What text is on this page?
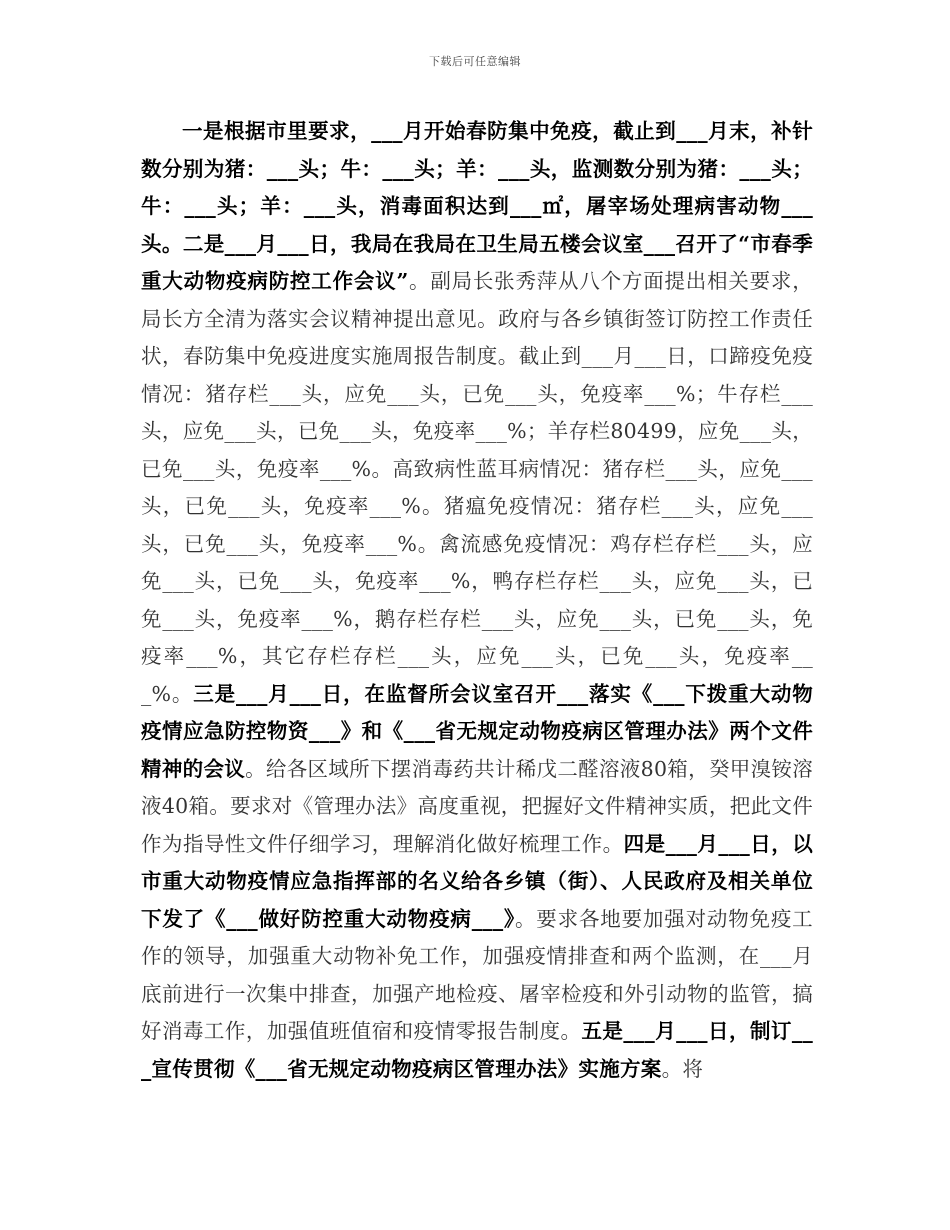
下载后可任意编辑
一是根据市里要求，___月开始春防集中免疫，截止到___月末，补针数分别为猪：___头；牛：___头；羊：___头，监测数分别为猪：___头；牛：___头；羊：___头，消毒面积达到___㎡，屠宰场处理病害动物___头。二是___月___日，我局在我局在卫生局五楼会议室___召开了“市春季重大动物疫病防控工作会议”。副局长张秀萍从八个方面提出相关要求，局长方全清为落实会议精神提出意见。政府与各乡镇街签订防控工作责任状，春防集中免疫进度实施周报告制度。截止到___月___日，口蹄疫免疫情况：猪存栏___头，应免___头，已免___头，免疫率___%；牛存栏___头，应免___头，已免___头，免疫率___%；羊存栏80499，应免___头，已免___头，免疫率___%。高致病性蓝耳病情况：猪存栏___头，应免___头，已免___头，免疫率___%。猪瘟免疫情况：猪存栏___头，应免___头，已免___头，免疫率___%。禽流感免疫情况：鸡存栏存栏___头，应免___头，已免___头，免疫率___%，鸭存栏存栏___头，应免___头，已免___头，免疫率___%，鹅存栏存栏___头，应免___头，已免___头，免疫率___%，其它存栏存栏___头，应免___头，已免___头，免疫率___%。三是___月___日，在监督所会议室召开___落实《___下拨重大动物疫情应急防控物资___》和《___省无规定动物疫病区管理办法》两个文件精神的会议。给各区域所下摆消毒药共计稀戊二醛溶液80箱，癸甲溴铵溶液40箱。要求对《管理办法》高度重视，把握好文件精神实质，把此文件作为指导性文件仔细学习，理解消化做好梳理工作。四是___月___日，以市重大动物疫情应急指挥部的名义给各乡镇（街）、人民政府及相关单位下发了《___做好防控重大动物疫病___》。要求各地要加强对动物免疫工作的领导，加强重大动物补免工作，加强疫情排查和两个监测，在___月底前进行一次集中排查，加强产地检疫、屠宰检疫和外引动物的监管，搞好消毒工作，加强值班值宿和疫情零报告制度。五是___月___日，制订___宣传贯彻《___省无规定动物疫病区管理办法》实施方案。将
